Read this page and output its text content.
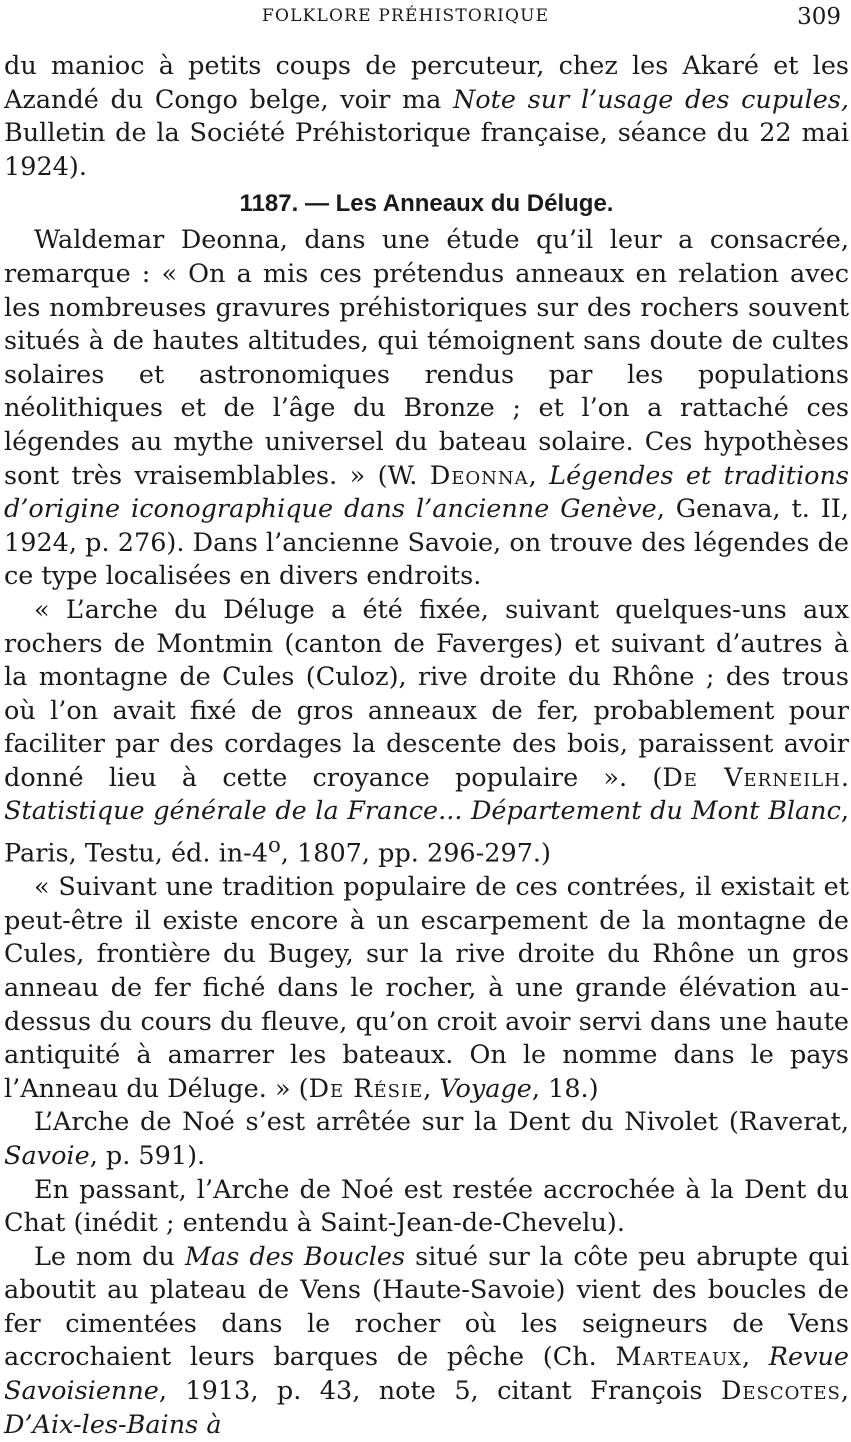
FOLKLORE PRÉHISTORIQUE	309

du manioc à petits coups de percuteur, chez les Akaré et les Azandé du Congo belge, voir ma Note sur l’usage des cupules, Bulletin de la Société Préhistorique française, séance du 22 mai 1924).

1187. — Les Anneaux du Déluge.

Waldemar Deonna, dans une étude qu’il leur a consacrée, remarque : « On a mis ces prétendus anneaux en relation avec les nombreuses gravures préhistoriques sur des rochers souvent situés à de hautes altitudes, qui témoignent sans doute de cultes solaires et astronomiques rendus par les populations néolithiques et de l’âge du Bronze ; et l’on a rattaché ces légendes au mythe universel du bateau solaire. Ces hypothèses sont très vraisemblables. » (W. Deonna, Légendes et traditions d’origine iconographique dans l’ancienne Genève, Genava, t. II, 1924, p. 276). Dans l’ancienne Savoie, on trouve des légendes de ce type localisées en divers endroits.

« L’arche du Déluge a été fixée, suivant quelques-uns aux rochers de Montmin (canton de Faverges) et suivant d’autres à la montagne de Cules (Culoz), rive droite du Rhône ; des trous où l’on avait fixé de gros anneaux de fer, probablement pour faciliter par des cordages la descente des bois, paraissent avoir donné lieu à cette croyance populaire ». (De Verneilh. Statistique générale de la France... Département du Mont Blanc, Paris, Testu, éd. in-4$^o$, 1807, pp. 296-297.)

« Suivant une tradition populaire de ces contrées, il existait et peut-être il existe encore à un escarpement de la montagne de Cules, frontière du Bugey, sur la rive droite du Rhône un gros anneau de fer fiché dans le rocher, à une grande élévation au-dessus du cours du fleuve, qu’on croit avoir servi dans une haute antiquité à amarrer les bateaux. On le nomme dans le pays l’Anneau du Déluge. » (De Résie, Voyage, 18.)

L’Arche de Noé s’est arrêtée sur la Dent du Nivolet (Raverat, Savoie, p. 591).

En passant, l’Arche de Noé est restée accrochée à la Dent du Chat (inédit ; entendu à Saint-Jean-de-Chevelu).

Le nom du Mas des Boucles situé sur la côte peu abrupte qui aboutit au plateau de Vens (Haute-Savoie) vient des boucles de fer cimentées dans le rocher où les seigneurs de Vens accrochaient leurs barques de pêche (Ch. Marteaux, Revue Savoisienne, 1913, p. 43, note 5, citant François Descotes, D’Aix-les-Bains à
